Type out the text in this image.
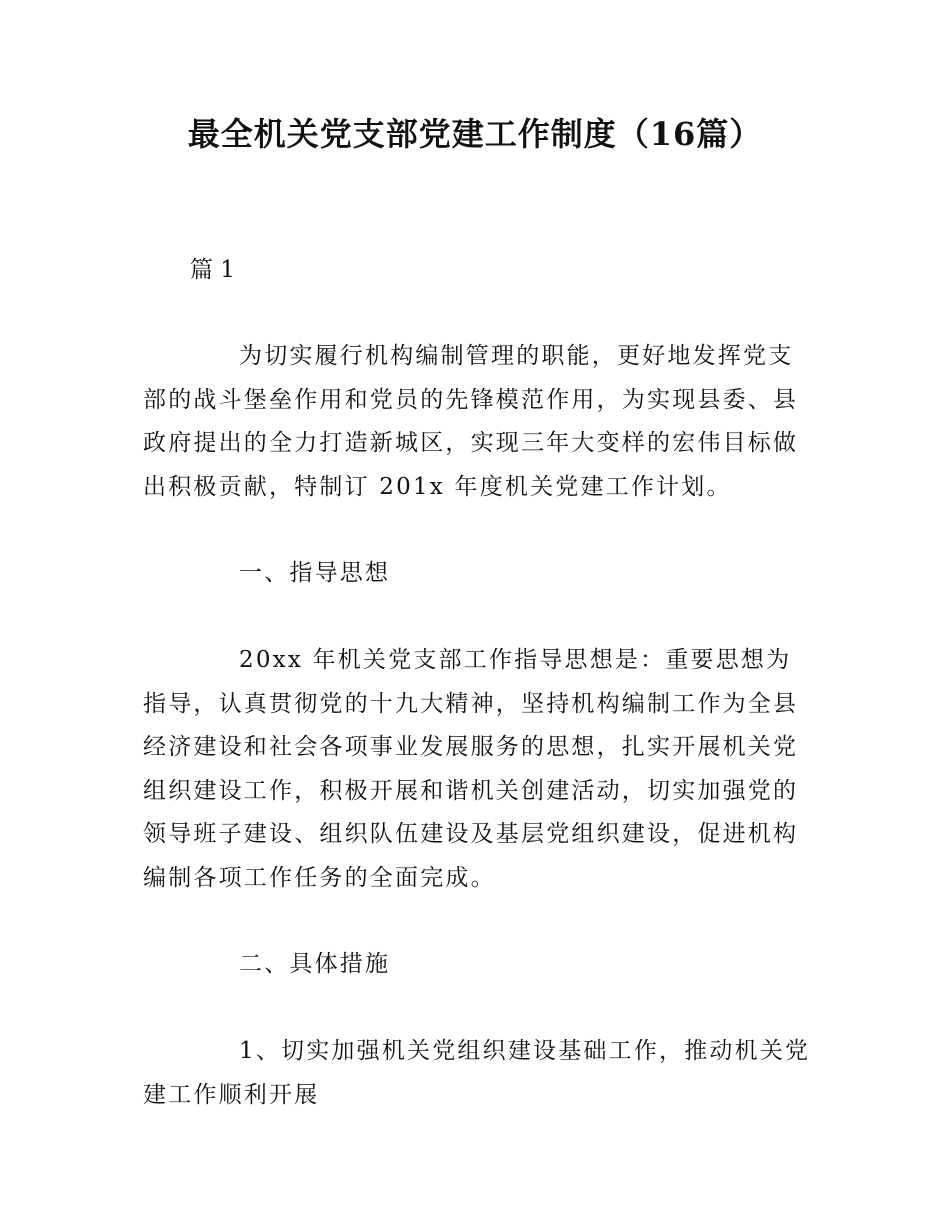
最全机关党支部党建工作制度（16篇）
篇 1
为切实履行机构编制管理的职能，更好地发挥党支部的战斗堡垒作用和党员的先锋模范作用，为实现县委、县政府提出的全力打造新城区，实现三年大变样的宏伟目标做出积极贡献，特制订 201x 年度机关党建工作计划。
一、指导思想
20xx 年机关党支部工作指导思想是：重要思想为指导，认真贯彻党的十九大精神，坚持机构编制工作为全县经济建设和社会各项事业发展服务的思想，扎实开展机关党组织建设工作，积极开展和谐机关创建活动，切实加强党的领导班子建设、组织队伍建设及基层党组织建设，促进机构编制各项工作任务的全面完成。
二、具体措施
1、切实加强机关党组织建设基础工作，推动机关党建工作顺利开展
